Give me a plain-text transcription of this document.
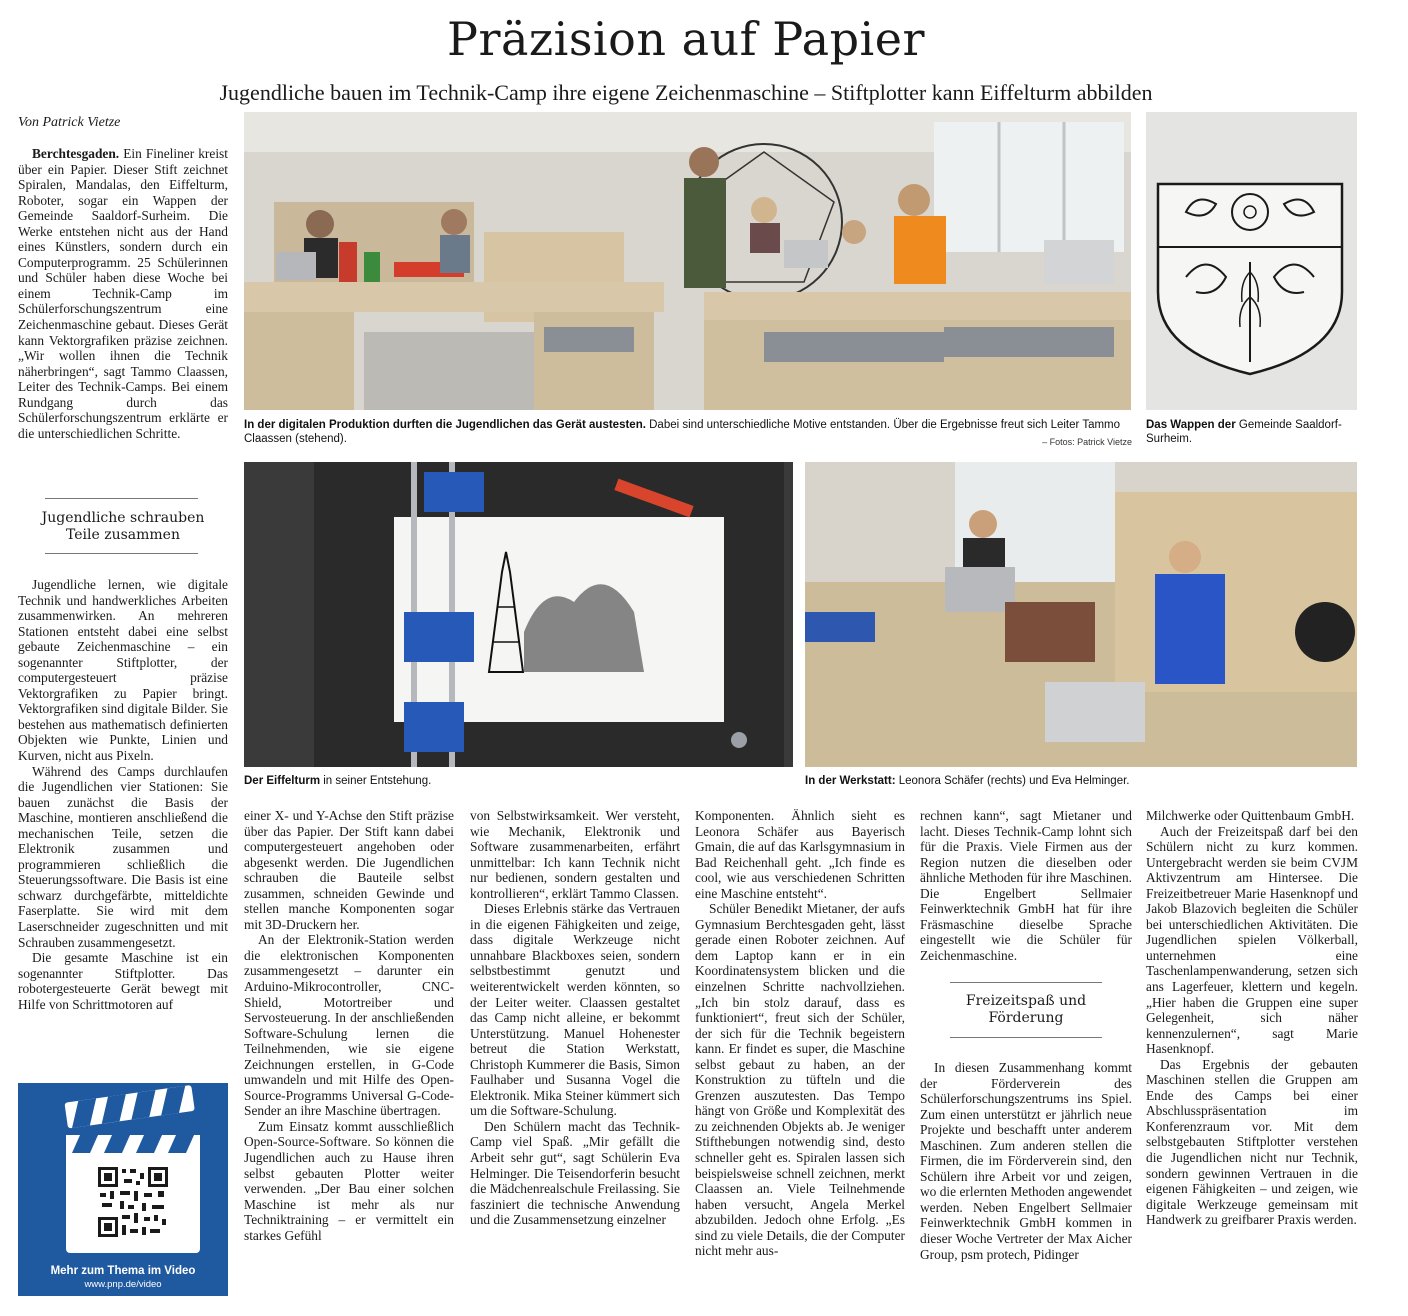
Präzision auf Papier
Jugendliche bauen im Technik-Camp ihre eigene Zeichenmaschine – Stiftplotter kann Eiffelturm abbilden
Von Patrick Vietze

Berchtesgaden. Ein Fineliner kreist über ein Papier. Dieser Stift zeichnet Spiralen, Mandalas, den Eiffelturm, Roboter, sogar ein Wappen der Gemeinde Saaldorf-Surheim. Die Werke entstehen nicht aus der Hand eines Künstlers, sondern durch ein Computerprogramm. 25 Schülerinnen und Schüler haben diese Woche bei einem Technik-Camp im Schülerforschungszentrum eine Zeichenmaschine gebaut. Dieses Gerät kann Vektorgrafiken präzise zeichnen. „Wir wollen ihnen die Technik näherbringen“, sagt Tammo Claassen, Leiter des Technik-Camps. Bei einem Rundgang durch das Schülerforschungszentrum erklärte er die unterschiedlichen Schritte.

Jugendliche schrauben Teile zusammen

Jugendliche lernen, wie digitale Technik und handwerkliches Arbeiten zusammenwirken. An mehreren Stationen entsteht dabei eine selbst gebaute Zeichenmaschine – ein sogenannter Stiftplotter, der computergesteuert präzise Vektorgrafiken zu Papier bringt. Vektorgrafiken sind digitale Bilder. Sie bestehen aus mathematisch definierten Objekten wie Punkte, Linien und Kurven, nicht aus Pixeln.

Während des Camps durchlaufen die Jugendlichen vier Stationen: Sie bauen zunächst die Basis der Maschine, montieren anschließend die mechanischen Teile, setzen die Elektronik zusammen und programmieren schließlich die Steuerungssoftware. Die Basis ist eine schwarz durchgefärbte, mitteldichte Faserplatte. Sie wird mit dem Laserschneider zugeschnitten und mit Schrauben zusammengesetzt.

Die gesamte Maschine ist ein sogenannter Stiftplotter. Das robotergesteuerte Gerät bewegt mit Hilfe von Schrittmotoren auf

Mehr zum Thema im Video
www.pnp.de/video
In der digitalen Produktion durften die Jugendlichen das Gerät austesten. Dabei sind unterschiedliche Motive entstanden. Über die Ergebnisse freut sich Leiter Tammo Claassen (stehend).	– Fotos: Patrick Vietze
Das Wappen der Gemeinde Saaldorf-Surheim.
Der Eiffelturm in seiner Entstehung.	In der Werkstatt: Leonora Schäfer (rechts) und Eva Helminger.

einer X- und Y-Achse den Stift präzise über das Papier. Der Stift kann dabei computergesteuert angehoben oder abgesenkt werden. Die Jugendlichen schrauben die Bauteile selbst zusammen, schneiden Gewinde und stellen manche Komponenten sogar mit 3D-Druckern her.

An der Elektronik-Station werden die elektronischen Komponenten zusammengesetzt – darunter ein Arduino-Mikrocontroller, CNC-Shield, Motortreiber und Servosteuerung. In der anschließenden Software-Schulung lernen die Teilnehmenden, wie sie eigene Zeichnungen erstellen, in G-Code umwandeln und mit Hilfe des Open-Source-Programms Universal G-Code-Sender an ihre Maschine übertragen.

Zum Einsatz kommt ausschließlich Open-Source-Software. So können die Jugendlichen auch zu Hause ihren selbst gebauten Plotter weiter verwenden. „Der Bau einer solchen Maschine ist mehr als nur Techniktraining – er vermittelt ein starkes Gefühl

von Selbstwirksamkeit. Wer versteht, wie Mechanik, Elektronik und Software zusammenarbeiten, erfährt unmittelbar: Ich kann Technik nicht nur bedienen, sondern gestalten und kontrollieren“, erklärt Tammo Classen.

Dieses Erlebnis stärke das Vertrauen in die eigenen Fähigkeiten und zeige, dass digitale Werkzeuge nicht unnahbare Blackboxes seien, sondern selbstbestimmt genutzt und weiterentwickelt werden könnten, so der Leiter weiter. Claassen gestaltet das Camp nicht alleine, er bekommt Unterstützung. Manuel Hohenester betreut die Station Werkstatt, Christoph Kummerer die Basis, Simon Faulhaber und Susanna Vogel die Elektronik. Mika Steiner kümmert sich um die Software-Schulung.

Den Schülern macht das Technik-Camp viel Spaß. „Mir gefällt die Arbeit sehr gut“, sagt Schülerin Eva Helminger. Die Teisendorferin besucht die Mädchenrealschule Freilassing. Sie fasziniert die technische Anwendung und die Zusammensetzung einzelner

Komponenten. Ähnlich sieht es Leonora Schäfer aus Bayerisch Gmain, die auf das Karlsgymnasium in Bad Reichenhall geht. „Ich finde es cool, wie aus verschiedenen Schritten eine Maschine entsteht“.

Schüler Benedikt Mietaner, der aufs Gymnasium Berchtesgaden geht, lässt gerade einen Roboter zeichnen. Auf dem Laptop kann er in ein Koordinatensystem blicken und die einzelnen Schritte nachvollziehen. „Ich bin stolz darauf, dass es funktioniert“, freut sich der Schüler, der sich für die Technik begeistern kann. Er findet es super, die Maschine selbst gebaut zu haben, an der Konstruktion zu tüfteln und die Grenzen auszutesten. Das Tempo hängt von Größe und Komplexität des zu zeichnenden Objekts ab. Je weniger Stifthebungen notwendig sind, desto schneller geht es. Spiralen lassen sich beispielsweise schnell zeichnen, merkt Claassen an. Viele Teilnehmende haben versucht, Angela Merkel abzubilden. Jedoch ohne Erfolg. „Es sind zu viele Details, die der Computer nicht mehr aus-

rechnen kann“, sagt Mietaner und lacht. Dieses Technik-Camp lohnt sich für die Praxis. Viele Firmen aus der Region nutzen die dieselben oder ähnliche Methoden für ihre Maschinen. Die Engelbert Sellmaier Feinwerktechnik GmbH hat für ihre Fräsmaschine dieselbe Sprache eingestellt wie die Schüler für Zeichenmaschine.

Freizeitspaß und Förderung

In diesen Zusammenhang kommt der Förderverein des Schülerforschungszentrums ins Spiel. Zum einen unterstützt er jährlich neue Projekte und beschafft unter anderem Maschinen. Zum anderen stellen die Firmen, die im Förderverein sind, den Schülern ihre Arbeit vor und zeigen, wo die erlernten Methoden angewendet werden. Neben Engelbert Sellmaier Feinwerktechnik GmbH kommen in dieser Woche Vertreter der Max Aicher Group, psm protech, Pidinger

Milchwerke oder Quittenbaum GmbH.

Auch der Freizeitspaß darf bei den Schülern nicht zu kurz kommen. Untergebracht werden sie beim CVJM Aktivzentrum am Hintersee. Die Freizeitbetreuer Marie Hasenknopf und Jakob Blazovich begleiten die Schüler bei unterschiedlichen Aktivitäten. Die Jugendlichen spielen Völkerball, unternehmen eine Taschenlampenwanderung, setzen sich ans Lagerfeuer, klettern und kegeln. „Hier haben die Gruppen eine super Gelegenheit, sich näher kennenzulernen“, sagt Marie Hasenknopf.

Das Ergebnis der gebauten Maschinen stellen die Gruppen am Ende des Camps bei einer Abschlusspräsentation im Konferenzraum vor. Mit dem selbstgebauten Stiftplotter verstehen die Jugendlichen nicht nur Technik, sondern gewinnen Vertrauen in die eigenen Fähigkeiten – und zeigen, wie digitale Werkzeuge gemeinsam mit Handwerk zu greifbarer Praxis werden.
